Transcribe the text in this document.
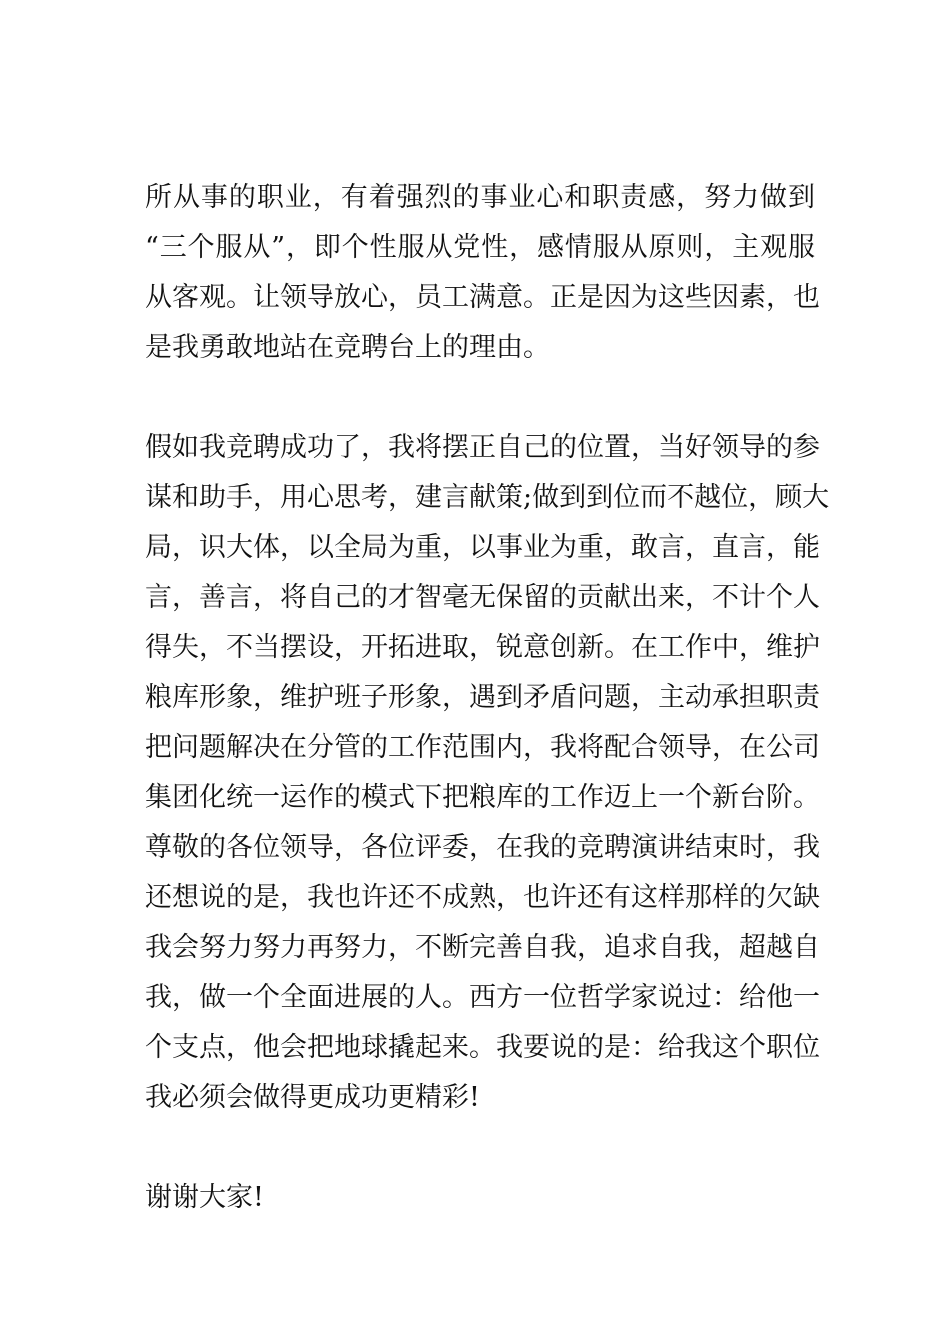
所从事的职业，有着强烈的事业心和职责感，努力做到
“三个服从”，即个性服从党性，感情服从原则，主观服
从客观。让领导放心，员工满意。正是因为这些因素，也
是我勇敢地站在竞聘台上的理由。
假如我竞聘成功了，我将摆正自己的位置，当好领导的参
谋和助手，用心思考，建言献策;做到到位而不越位，顾大
局，识大体，以全局为重，以事业为重，敢言，直言，能
言，善言，将自己的才智毫无保留的贡献出来，不计个人
得失，不当摆设，开拓进取，锐意创新。在工作中，维护
粮库形象，维护班子形象，遇到矛盾问题，主动承担职责
把问题解决在分管的工作范围内，我将配合领导，在公司
集团化统一运作的模式下把粮库的工作迈上一个新台阶。
尊敬的各位领导，各位评委，在我的竞聘演讲结束时，我
还想说的是，我也许还不成熟，也许还有这样那样的欠缺
我会努力努力再努力，不断完善自我，追求自我，超越自
我，做一个全面进展的人。西方一位哲学家说过：给他一
个支点，他会把地球撬起来。我要说的是：给我这个职位
我必须会做得更成功更精彩!
谢谢大家!
